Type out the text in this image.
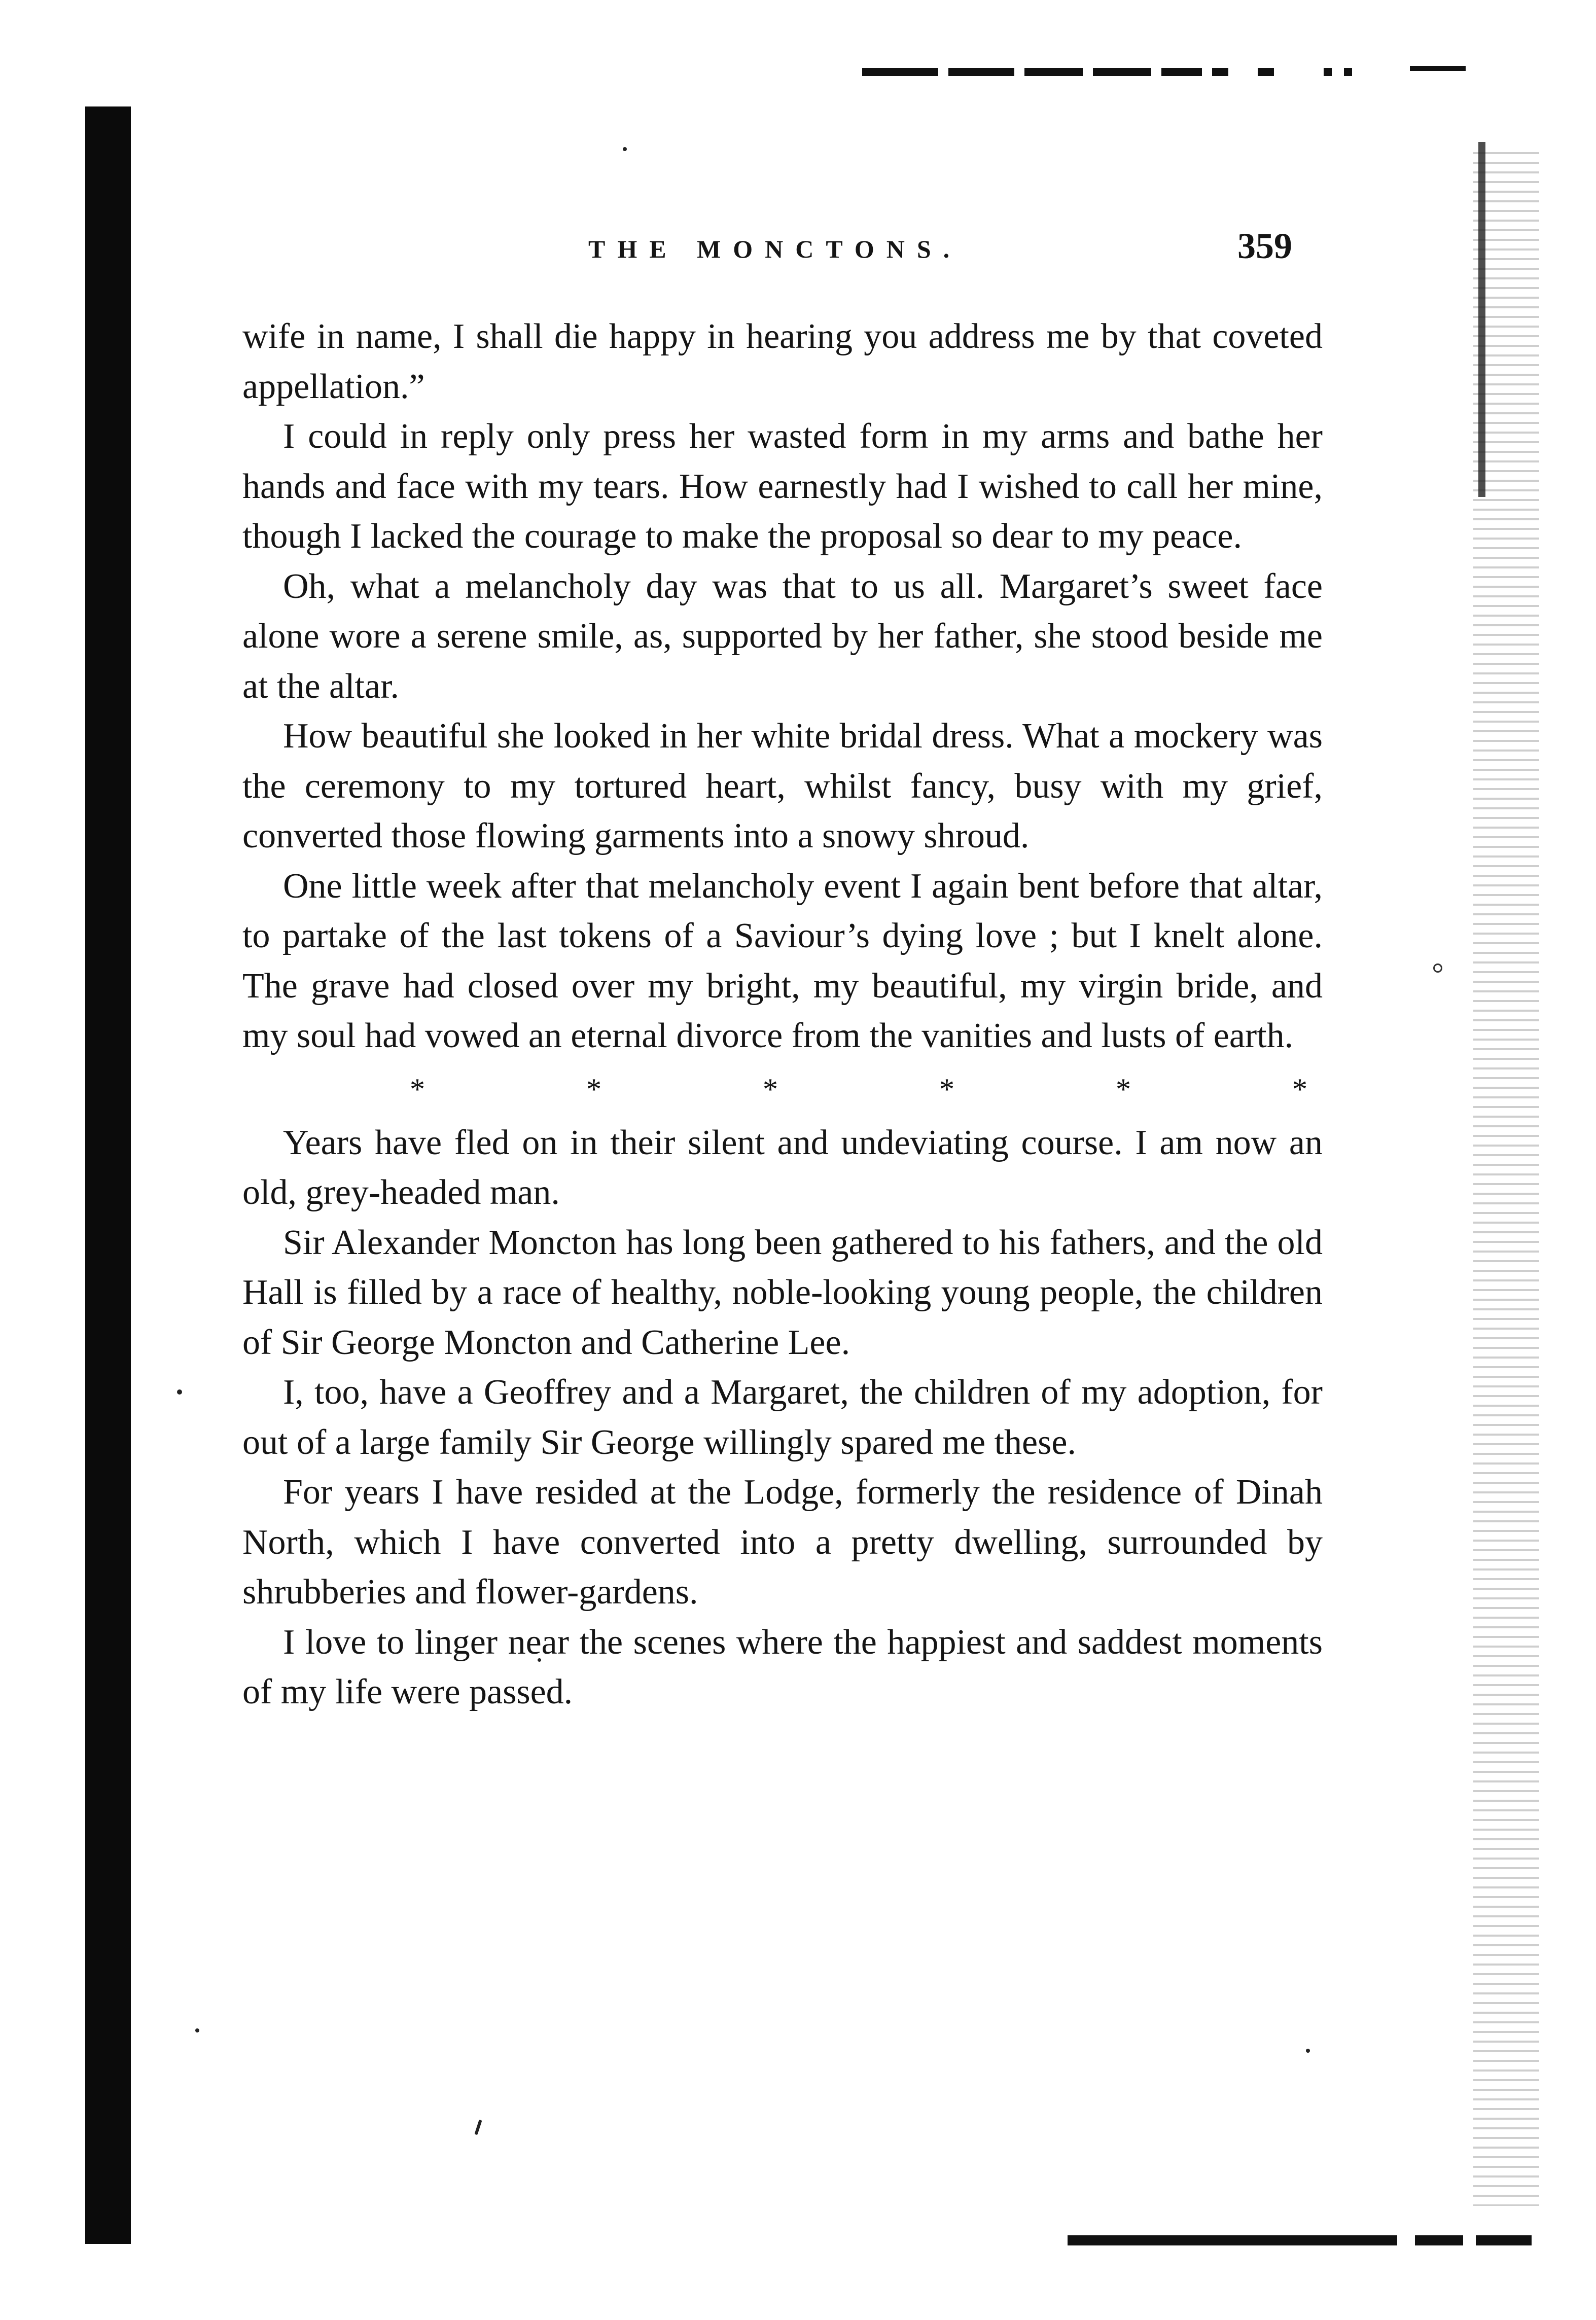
THE MONCTONS.	359

wife in name, I shall die happy in hearing you address me by that coveted appellation.”

I could in reply only press her wasted form in my arms and bathe her hands and face with my tears. How earnestly had I wished to call her mine, though I lacked the courage to make the proposal so dear to my peace.

Oh, what a melancholy day was that to us all. Margaret’s sweet face alone wore a serene smile, as, supported by her father, she stood beside me at the altar.

How beautiful she looked in her white bridal dress. What a mockery was the ceremony to my tortured heart, whilst fancy, busy with my grief, converted those flowing garments into a snowy shroud.

One little week after that melancholy event I again bent before that altar, to partake of the last tokens of a Saviour’s dying love ; but I knelt alone. The grave had closed over my bright, my beautiful, my virgin bride, and my soul had vowed an eternal divorce from the vanities and lusts of earth.

*	*	*	*	*	*

Years have fled on in their silent and undeviating course. I am now an old, grey-headed man.

Sir Alexander Moncton has long been gathered to his fathers, and the old Hall is filled by a race of healthy, noble-looking young people, the children of Sir George Moncton and Catherine Lee.

I, too, have a Geoffrey and a Margaret, the children of my adoption, for out of a large family Sir George willingly spared me these.

For years I have resided at the Lodge, formerly the residence of Dinah North, which I have converted into a pretty dwelling, surrounded by shrubberies and flower-gardens.

I love to linger near the scenes where the happiest and saddest moments of my life were passed.
